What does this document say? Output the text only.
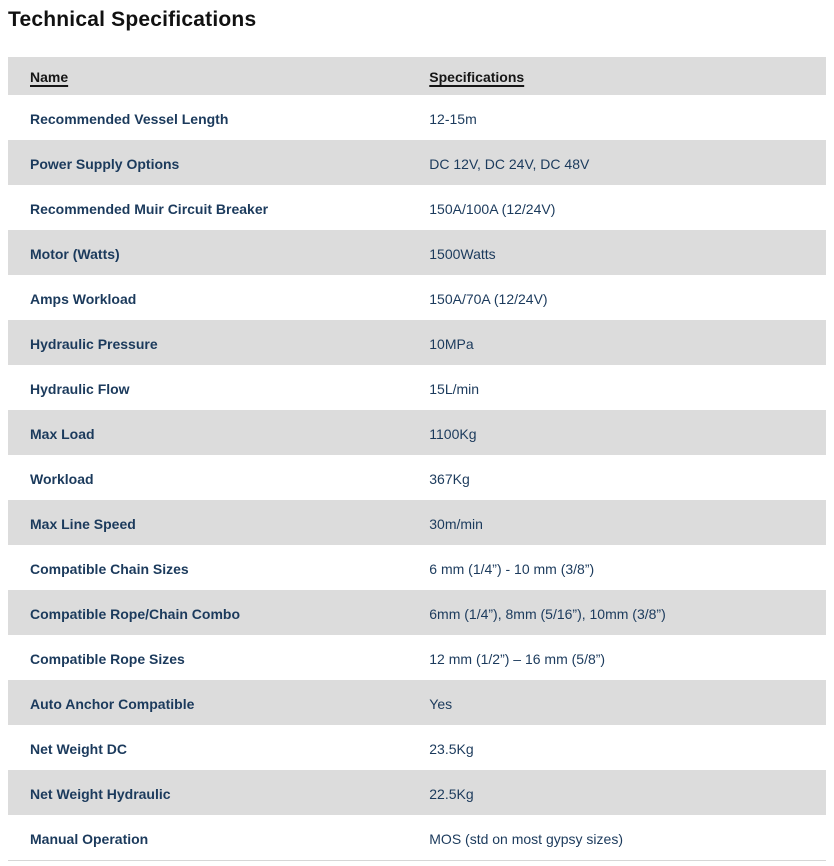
Technical Specifications
Name	Specifications
Recommended Vessel Length	12-15m
Power Supply Options	DC 12V, DC 24V, DC 48V
Recommended Muir Circuit Breaker	150A/100A (12/24V)
Motor (Watts)	1500Watts
Amps Workload	150A/70A (12/24V)
Hydraulic Pressure	10MPa
Hydraulic Flow	15L/min
Max Load	1100Kg
Workload	367Kg
Max Line Speed	30m/min
Compatible Chain Sizes	6 mm (1/4”) - 10 mm (3/8”)
Compatible Rope/Chain Combo	6mm (1/4”), 8mm (5/16”), 10mm (3/8”)
Compatible Rope Sizes	12 mm (1/2”) – 16 mm (5/8”)
Auto Anchor Compatible	Yes
Net Weight DC	23.5Kg
Net Weight Hydraulic	22.5Kg
Manual Operation	MOS (std on most gypsy sizes)
